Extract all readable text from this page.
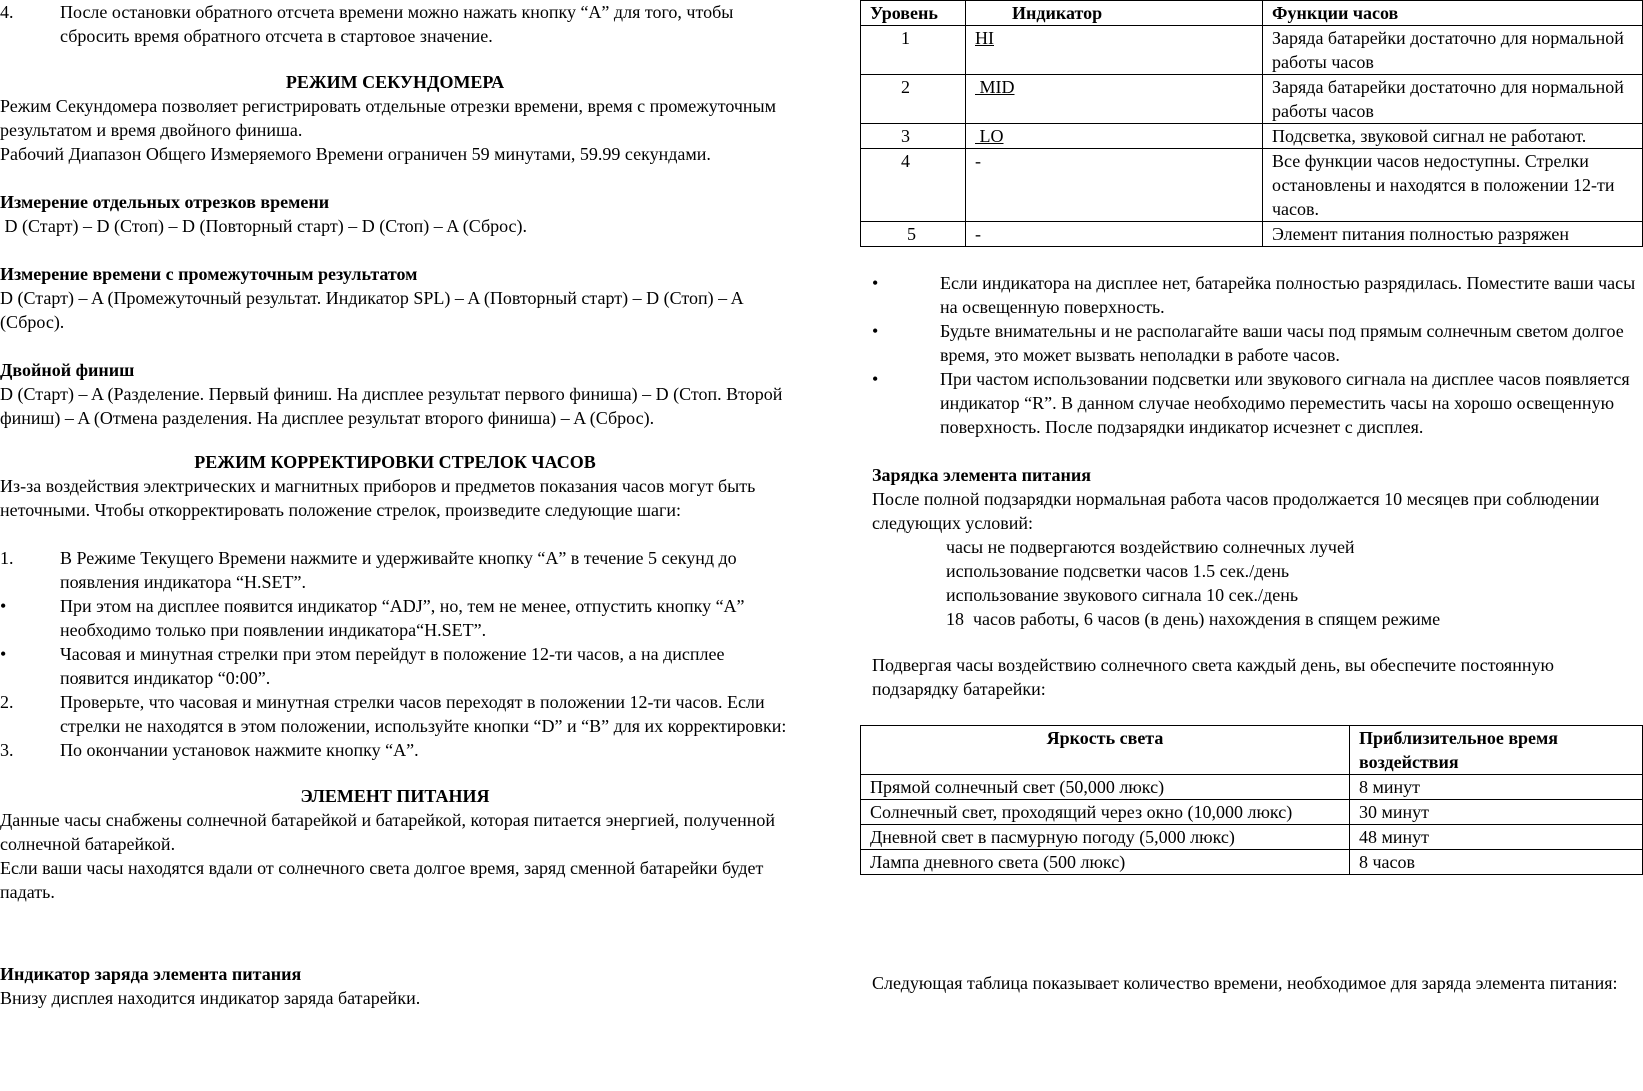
4.	После остановки обратного отсчета времени можно нажать кнопку “A” для того, чтобы сбросить время обратного отсчета в стартовое значение.
РЕЖИМ СЕКУНДОМЕРА

Режим Секундомера позволяет регистрировать отдельные отрезки времени, время с промежуточным результатом и время двойного финиша.

Рабочий Диапазон Общего Измеряемого Времени ограничен 59 минутами, 59.99 секундами.

Измерение отдельных отрезков времени

D (Старт) – D (Стоп) – D (Повторный старт) – D (Стоп) – A (Сброс).

Измерение времени с промежуточным результатом

D (Старт) – A (Промежуточный результат. Индикатор SPL) – A (Повторный старт) – D (Стоп) – A (Сброс).

Двойной финиш

D (Старт) – A (Разделение. Первый финиш. На дисплее результат первого финиша) – D (Стоп. Второй финиш) – A (Отмена разделения. На дисплее результат второго финиша) – A (Сброс).

РЕЖИМ КОРРЕКТИРОВКИ СТРЕЛОК ЧАСОВ

Из-за воздействия электрических и магнитных приборов и предметов показания часов могут быть неточными. Чтобы откорректировать положение стрелок, произведите следующие шаги:

1.	В Режиме Текущего Времени нажмите и удерживайте кнопку “A” в течение 5 секунд до появления индикатора “H.SET”.
•	При этом на дисплее появится индикатор “ADJ”, но, тем не менее, отпустить кнопку “A” необходимо только при появлении индикатора“H.SET”.
•	Часовая и минутная стрелки при этом перейдут в положение 12-ти часов, а на дисплее появится индикатор “0:00”.
2.	Проверьте, что часовая и минутная стрелки часов переходят в положении 12-ти часов. Если стрелки не находятся в этом положении, используйте кнопки “D” и “B” для их корректировки:
3.	По окончании установок нажмите кнопку “A”.
ЭЛЕМЕНТ ПИТАНИЯ

Данные часы снабжены солнечной батарейкой и батарейкой, которая питается энергией, полученной солнечной батарейкой.

Если ваши часы находятся вдали от солнечного света долгое время, заряд сменной батарейки будет падать.

Индикатор заряда элемента питания

Внизу дисплея находится индикатор заряда батарейки.

Уровень	Индикатор	Функции часов
1	HI	Заряда батарейки достаточно для нормальной работы часов
2	MID	Заряда батарейки достаточно для нормальной работы часов
3	LO	Подсветка, звуковой сигнал не работают.
4	-	Все функции часов недоступны. Стрелки остановлены и находятся в положении 12-ти часов.
5	-	Элемент питания полностью разряжен
•	Если индикатора на дисплее нет, батарейка полностью разрядилась. Поместите ваши часы на освещенную поверхность.
•	Будьте внимательны и не располагайте ваши часы под прямым солнечным светом долгое время, это может вызвать неполадки в работе часов.
•	При частом использовании подсветки или звукового сигнала на дисплее часов появляется индикатор “R”. В данном случае необходимо переместить часы на хорошо освещенную поверхность. После подзарядки индикатор исчезнет с дисплея.

Зарядка элемента питания

После полной подзарядки нормальная работа часов продолжается 10 месяцев при соблюдении следующих условий:

часы не подвергаются воздействию солнечных лучей

использование подсветки часов 1.5 сек./день

использование звукового сигнала 10 сек./день

18  часов работы, 6 часов (в день) нахождения в спящем режиме

Подвергая часы воздействию солнечного света каждый день, вы обеспечите постоянную подзарядку батарейки:

Яркость света	Приблизительное время воздействия
Прямой солнечный свет (50,000 люкс)	8 минут
Солнечный свет, проходящий через окно (10,000 люкс)	30 минут
Дневной свет в пасмурную погоду (5,000 люкс)	48 минут
Лампа дневного света (500 люкс)	8 часов

Следующая таблица показывает количество времени, необходимое для заряда элемента питания:
